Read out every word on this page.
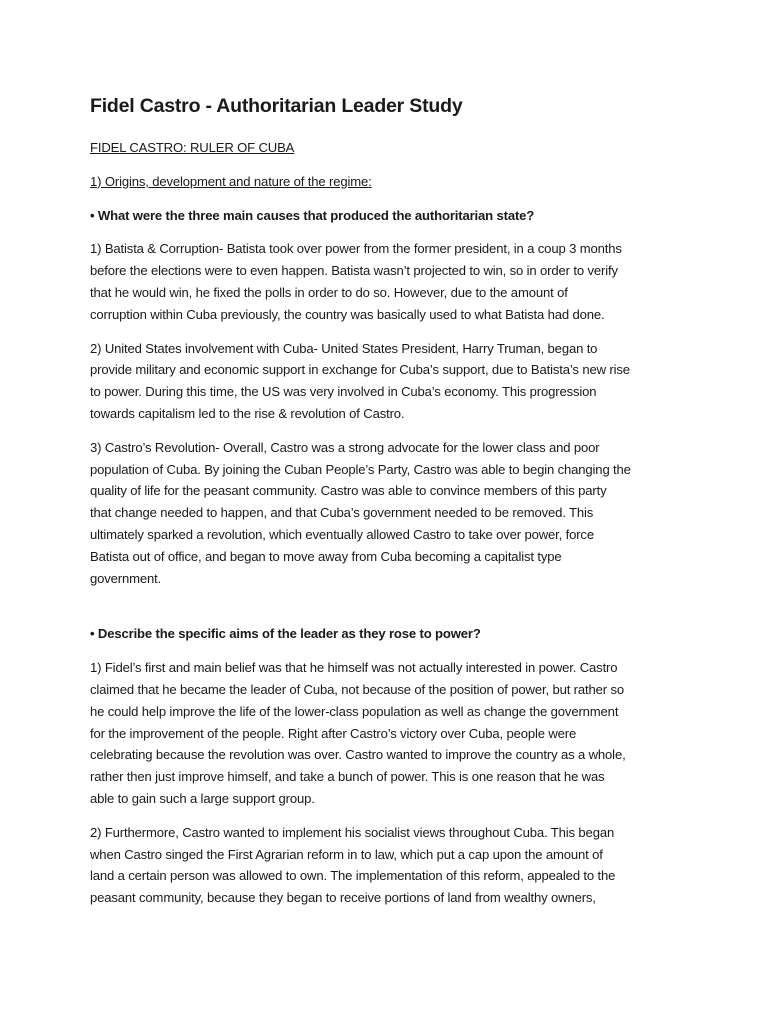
Fidel Castro - Authoritarian Leader Study
FIDEL CASTRO: RULER OF CUBA
1) Origins, development and nature of the regime:
• What were the three main causes that produced the authoritarian state?
1) Batista & Corruption- Batista took over power from the former president, in a coup 3 months
before the elections were to even happen. Batista wasn’t projected to win, so in order to verify
that he would win, he fixed the polls in order to do so. However, due to the amount of
corruption within Cuba previously, the country was basically used to what Batista had done.
2) United States involvement with Cuba- United States President, Harry Truman, began to
provide military and economic support in exchange for Cuba’s support, due to Batista’s new rise
to power. During this time, the US was very involved in Cuba’s economy. This progression
towards capitalism led to the rise & revolution of Castro.
3) Castro’s Revolution- Overall, Castro was a strong advocate for the lower class and poor
population of Cuba. By joining the Cuban People’s Party, Castro was able to begin changing the
quality of life for the peasant community. Castro was able to convince members of this party
that change needed to happen, and that Cuba’s government needed to be removed. This
ultimately sparked a revolution, which eventually allowed Castro to take over power, force
Batista out of office, and began to move away from Cuba becoming a capitalist type
government.
• Describe the specific aims of the leader as they rose to power?
1) Fidel’s first and main belief was that he himself was not actually interested in power. Castro
claimed that he became the leader of Cuba, not because of the position of power, but rather so
he could help improve the life of the lower-class population as well as change the government
for the improvement of the people. Right after Castro’s victory over Cuba, people were
celebrating because the revolution was over. Castro wanted to improve the country as a whole,
rather then just improve himself, and take a bunch of power. This is one reason that he was
able to gain such a large support group.
2) Furthermore, Castro wanted to implement his socialist views throughout Cuba. This began
when Castro singed the First Agrarian reform in to law, which put a cap upon the amount of
land a certain person was allowed to own. The implementation of this reform, appealed to the
peasant community, because they began to receive portions of land from wealthy owners,
